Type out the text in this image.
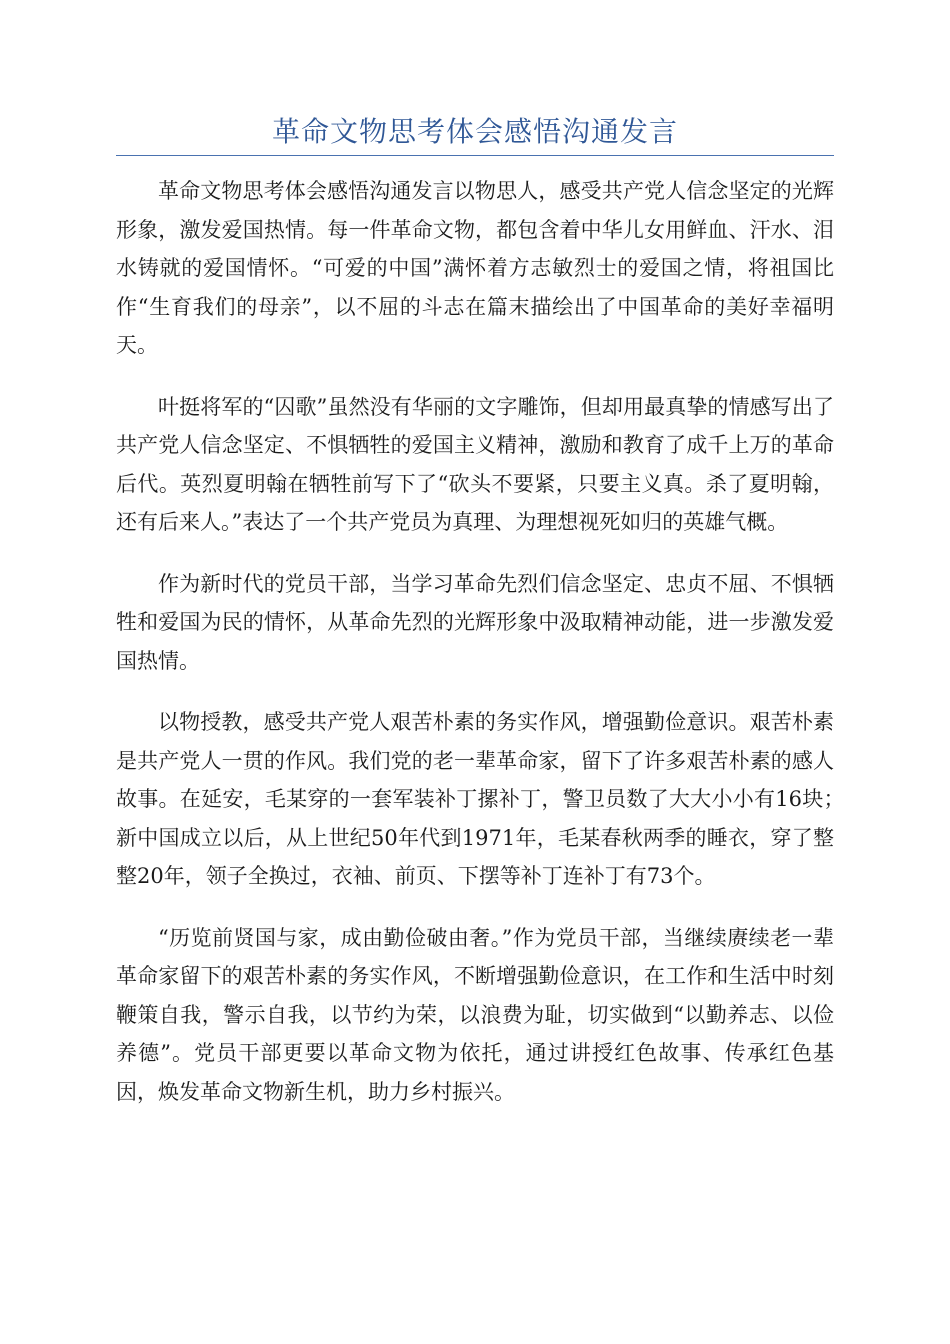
革命文物思考体会感悟沟通发言

革命文物思考体会感悟沟通发言以物思人，感受共产党人信念坚定的光辉形象，激发爱国热情。每一件革命文物，都包含着中华儿女用鲜血、汗水、泪水铸就的爱国情怀。“可爱的中国”满怀着方志敏烈士的爱国之情，将祖国比作“生育我们的母亲”，以不屈的斗志在篇末描绘出了中国革命的美好幸福明天。

叶挺将军的“囚歌”虽然没有华丽的文字雕饰，但却用最真挚的情感写出了共产党人信念坚定、不惧牺牲的爱国主义精神，激励和教育了成千上万的革命后代。英烈夏明翰在牺牲前写下了“砍头不要紧，只要主义真。杀了夏明翰，还有后来人。”表达了一个共产党员为真理、为理想视死如归的英雄气概。

作为新时代的党员干部，当学习革命先烈们信念坚定、忠贞不屈、不惧牺牲和爱国为民的情怀，从革命先烈的光辉形象中汲取精神动能，进一步激发爱国热情。

以物授教，感受共产党人艰苦朴素的务实作风，增强勤俭意识。艰苦朴素是共产党人一贯的作风。我们党的老一辈革命家，留下了许多艰苦朴素的感人故事。在延安，毛某穿的一套军装补丁摞补丁，警卫员数了大大小小有16块；　新中国成立以后，从上世纪50年代到1971年，毛某春秋两季的睡衣，穿了整整20年，领子全换过，衣袖、前页、下摆等补丁连补丁有73个。

“历览前贤国与家，成由勤俭破由奢。”作为党员干部，当继续赓续老一辈革命家留下的艰苦朴素的务实作风，不断增强勤俭意识，在工作和生活中时刻鞭策自我，警示自我，以节约为荣，以浪费为耻，切实做到“以勤养志、以俭养德”。党员干部更要以革命文物为依托，通过讲授红色故事、传承红色基因，焕发革命文物新生机，助力乡村振兴。
